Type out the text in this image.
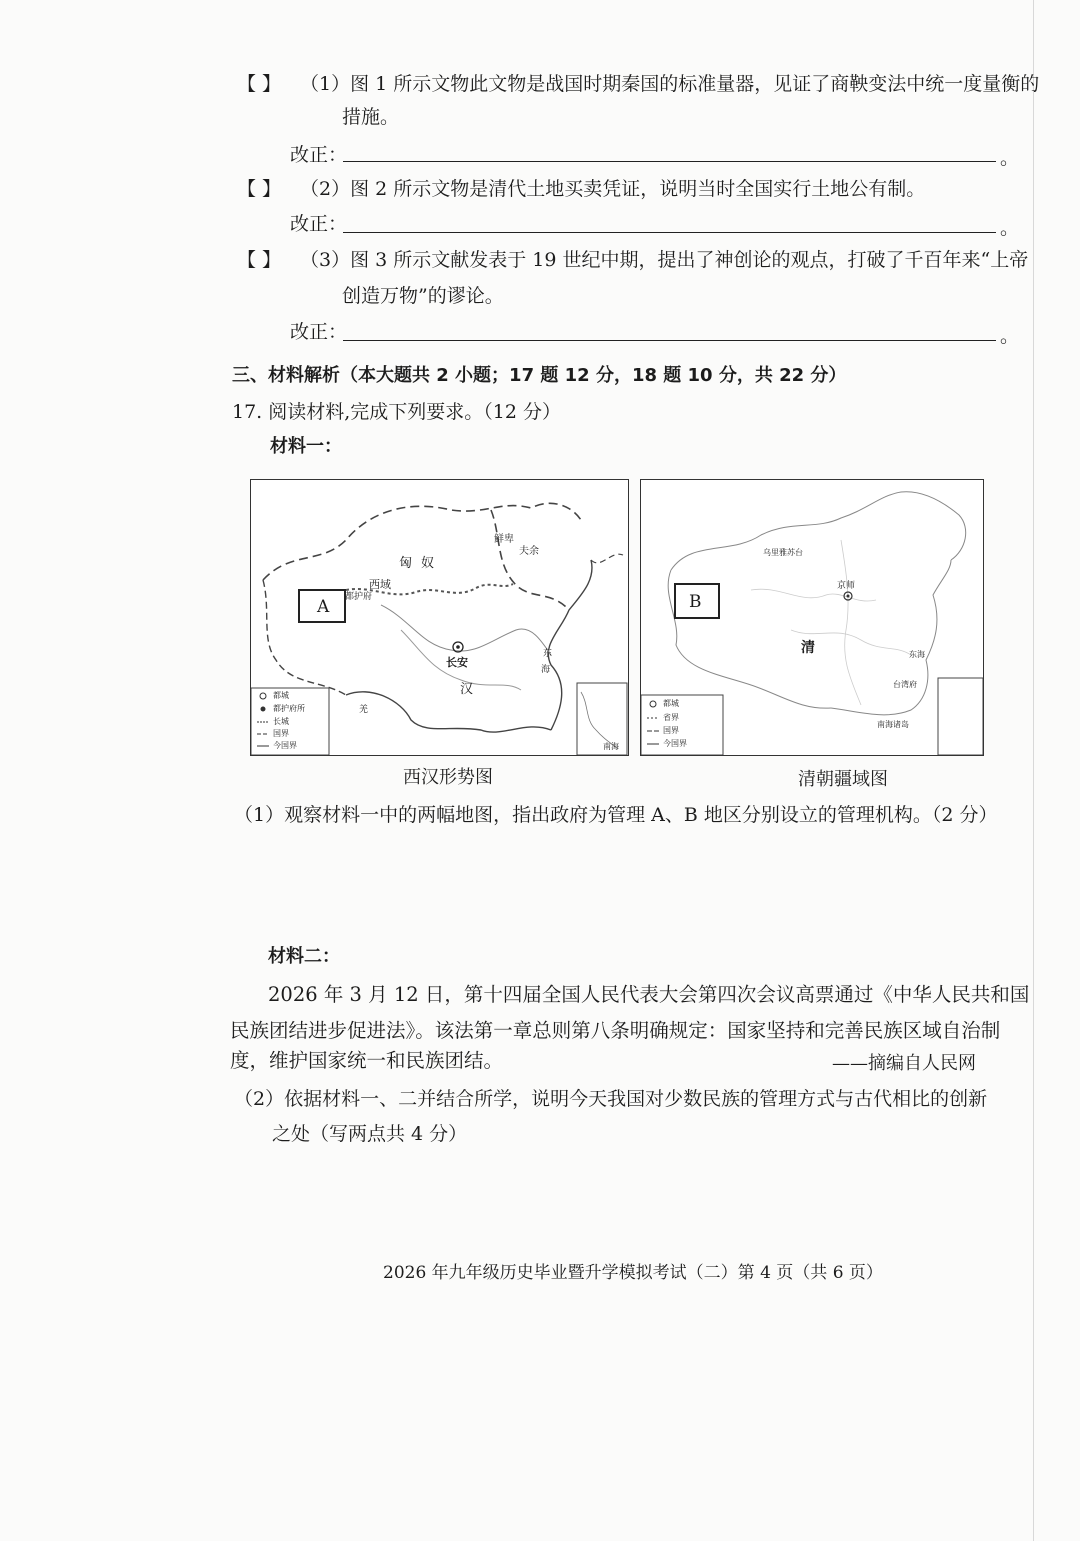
【 】 （1）图 1 所示文物此文物是战国时期秦国的标准量器，见证了商鞅变法中统一度量衡的
措施。
改正：	。
【 】 （2）图 2 所示文物是清代土地买卖凭证，说明当时全国实行土地公有制。
改正：	。
【 】 （3）图 3 所示文献发表于 19 世纪中期，提出了神创论的观点，打破了千百年来“上帝
创造万物”的谬论。
改正：	。
三、材料解析（本大题共 2 小题；17 题 12 分，18 题 10 分，共 22 分）
17. 阅读材料,完成下列要求。（12 分）
材料一：
A
匈奴
西域
都护府
长安
汉
鲜卑
夫余
羌
东
海
南海
都城
都护府所
长城
国界
今国界
B
京师
清
乌里雅苏台
台湾府
南海诸岛
东海
都城
省界
国界
今国界
西汉形势图	清朝疆域图
（1）观察材料一中的两幅地图，指出政府为管理 A、B 地区分别设立的管理机构。（2 分）
材料二：
2026 年 3 月 12 日，第十四届全国人民代表大会第四次会议高票通过《中华人民共和国
民族团结进步促进法》。该法第一章总则第八条明确规定：国家坚持和完善民族区域自治制
度，维护国家统一和民族团结。	——摘编自人民网
（2）依据材料一、二并结合所学，说明今天我国对少数民族的管理方式与古代相比的创新
之处（写两点共 4 分）
2026 年九年级历史毕业暨升学模拟考试（二）第 4 页（共 6 页）
